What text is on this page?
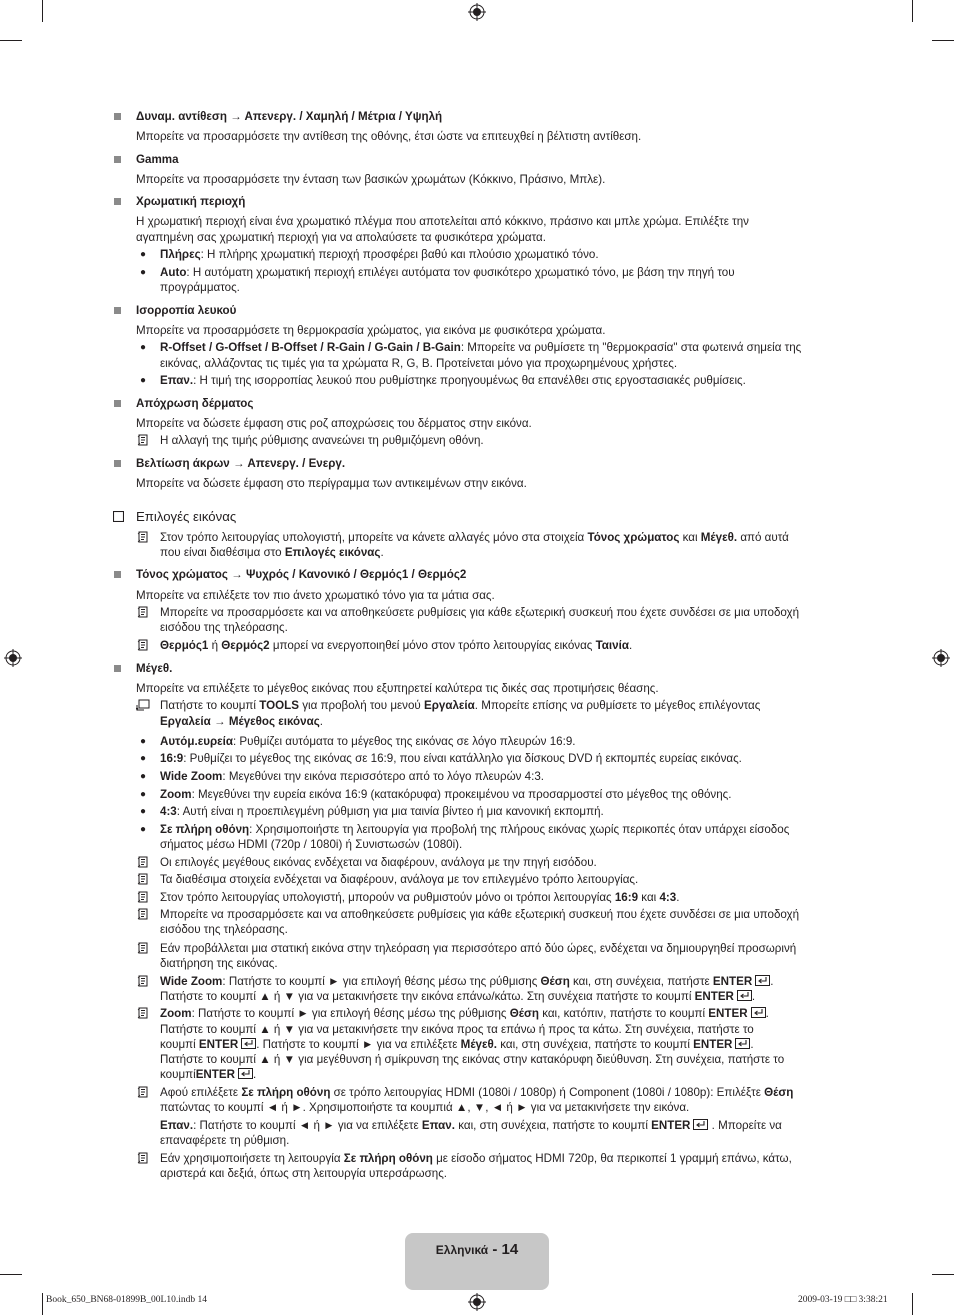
Δυναμ. αντίθεση → Απενεργ. / Χαμηλή / Μέτρια / Υψηλή
Μπορείτε να προσαρμόσετε την αντίθεση της οθόνης, έτσι ώστε να επιτευχθεί η βέλτιστη αντίθεση.
Gamma
Μπορείτε να προσαρμόσετε την ένταση των βασικών χρωμάτων (Κόκκινο, Πράσινο, Μπλε).
Χρωματική περιοχή
Η χρωματική περιοχή είναι ένα χρωματικό πλέγμα που αποτελείται από κόκκινο, πράσινο και μπλε χρώμα. Επιλέξτε την
αγαπημένη σας χρωματική περιοχή για να απολαύσετε τα φυσικότερα χρώματα.
● Πλήρες: Η πλήρης χρωματική περιοχή προσφέρει βαθύ και πλούσιο χρωματικό τόνο.
● Auto: Η αυτόματη χρωματική περιοχή επιλέγει αυτόματα τον φυσικότερο χρωματικό τόνο, με βάση την πηγή του
προγράμματος.
Ισορροπία λευκού
Μπορείτε να προσαρμόσετε τη θερμοκρασία χρώματος, για εικόνα με φυσικότερα χρώματα.
● R-Offset / G-Offset / B-Offset / R-Gain / G-Gain / B-Gain: Μπορείτε να ρυθμίσετε τη "θερμοκρασία" στα φωτεινά σημεία της
εικόνας, αλλάζοντας τις τιμές για τα χρώματα R, G, B. Προτείνεται μόνο για προχωρημένους χρήστες.
● Επαν.: Η τιμή της ισορροπίας λευκού που ρυθμίστηκε προηγουμένως θα επανέλθει στις εργοστασιακές ρυθμίσεις.
Απόχρωση δέρματος
Μπορείτε να δώσετε έμφαση στις ροζ αποχρώσεις του δέρματος στην εικόνα.
Η αλλαγή της τιμής ρύθμισης ανανεώνει τη ρυθμιζόμενη οθόνη.
Βελτίωση άκρων → Απενεργ. / Ενεργ.
Μπορείτε να δώσετε έμφαση στο περίγραμμα των αντικειμένων στην εικόνα.
Επιλογές εικόνας
Στον τρόπο λειτουργίας υπολογιστή, μπορείτε να κάνετε αλλαγές μόνο στα στοιχεία Τόνος χρώματος και Μέγεθ. από αυτά
που είναι διαθέσιμα στο Επιλογές εικόνας.
Τόνος χρώματος → Ψυχρός / Κανονικό / Θερμός1 / Θερμός2
Μπορείτε να επιλέξετε τον πιο άνετο χρωματικό τόνο για τα μάτια σας.
Μπορείτε να προσαρμόσετε και να αποθηκεύσετε ρυθμίσεις για κάθε εξωτερική συσκευή που έχετε συνδέσει σε μια υποδοχή
εισόδου της τηλεόρασης.
Θερμός1 ή Θερμός2 μπορεί να ενεργοποιηθεί μόνο στον τρόπο λειτουργίας εικόνας Ταινία.
Μέγεθ.
Μπορείτε να επιλέξετε το μέγεθος εικόνας που εξυπηρετεί καλύτερα τις δικές σας προτιμήσεις θέασης.
Πατήστε το κουμπί TOOLS για προβολή του μενού Εργαλεία. Μπορείτε επίσης να ρυθμίσετε το μέγεθος επιλέγοντας
Εργαλεία → Μέγεθος εικόνας.
● Αυτόμ.ευρεία: Ρυθμίζει αυτόματα το μέγεθος της εικόνας σε λόγο πλευρών 16:9.
● 16:9: Ρυθμίζει το μέγεθος της εικόνας σε 16:9, που είναι κατάλληλο για δίσκους DVD ή εκπομπές ευρείας εικόνας.
● Wide Zoom: Μεγεθύνει την εικόνα περισσότερο από το λόγο πλευρών 4:3.
● Zoom: Μεγεθύνει την ευρεία εικόνα 16:9 (κατακόρυφα) προκειμένου να προσαρμοστεί στο μέγεθος της οθόνης.
● 4:3: Αυτή είναι η προεπιλεγμένη ρύθμιση για μια ταινία βίντεο ή μια κανονική εκπομπή.
● Σε πλήρη οθόνη: Χρησιμοποιήστε τη λειτουργία για προβολή της πλήρους εικόνας χωρίς περικοπές όταν υπάρχει είσοδος
σήματος μέσω HDMI (720p / 1080i) ή Συνιστωσών (1080i).
Οι επιλογές μεγέθους εικόνας ενδέχεται να διαφέρουν, ανάλογα με την πηγή εισόδου.
Τα διαθέσιμα στοιχεία ενδέχεται να διαφέρουν, ανάλογα με τον επιλεγμένο τρόπο λειτουργίας.
Στον τρόπο λειτουργίας υπολογιστή, μπορούν να ρυθμιστούν μόνο οι τρόποι λειτουργίας 16:9 και 4:3.
Μπορείτε να προσαρμόσετε και να αποθηκεύσετε ρυθμίσεις για κάθε εξωτερική συσκευή που έχετε συνδέσει σε μια υποδοχή
εισόδου της τηλεόρασης.
Εάν προβάλλεται μια στατική εικόνα στην τηλεόραση για περισσότερο από δύο ώρες, ενδέχεται να δημιουργηθεί προσωρινή
διατήρηση της εικόνας.
Wide Zoom: Πατήστε το κουμπί ► για επιλογή θέσης μέσω της ρύθμισης Θέση και, στη συνέχεια, πατήστε ENTER .
Πατήστε το κουμπί ▲ ή ▼ για να μετακινήσετε την εικόνα επάνω/κάτω. Στη συνέχεια πατήστε το κουμπί ENTER .
Zoom: Πατήστε το κουμπί ► για επιλογή θέσης μέσω της ρύθμισης Θέση και, κατόπιν, πατήστε το κουμπί ENTER .
Πατήστε το κουμπί ▲ ή ▼ για να μετακινήσετε την εικόνα προς τα επάνω ή προς τα κάτω. Στη συνέχεια, πατήστε το
κουμπί ENTER . Πατήστε το κουμπί ► για να επιλέξετε Μέγεθ. και, στη συνέχεια, πατήστε το κουμπί ENTER .
Πατήστε το κουμπί ▲ ή ▼ για μεγέθυνση ή σμίκρυνση της εικόνας στην κατακόρυφη διεύθυνση. Στη συνέχεια, πατήστε το
κουμπίENTER .
Αφού επιλέξετε Σε πλήρη οθόνη σε τρόπο λειτουργίας HDMI (1080i / 1080p) ή Component (1080i / 1080p): Επιλέξτε Θέση
πατώντας το κουμπί ◄ ή ►. Χρησιμοποιήστε τα κουμπιά ▲, ▼, ◄ ή ► για να μετακινήσετε την εικόνα.
Επαν.: Πατήστε το κουμπί ◄ ή ► για να επιλέξετε Επαν. και, στη συνέχεια, πατήστε το κουμπί ENTER
. Μπορείτε να
επαναφέρετε τη ρύθμιση.
Εάν χρησιμοποιήσετε τη λειτουργία Σε πλήρη οθόνη με είσοδο σήματος HDMI 720p, θα περικοπεί 1 γραμμή επάνω, κάτω,
αριστερά και δεξιά, όπως στη λειτουργία υπερσάρωσης.
Ελληνικά - 14
Book_650_BN68-01899B_00L10.indb 14	2009-03-19 □□ 3:38:21
